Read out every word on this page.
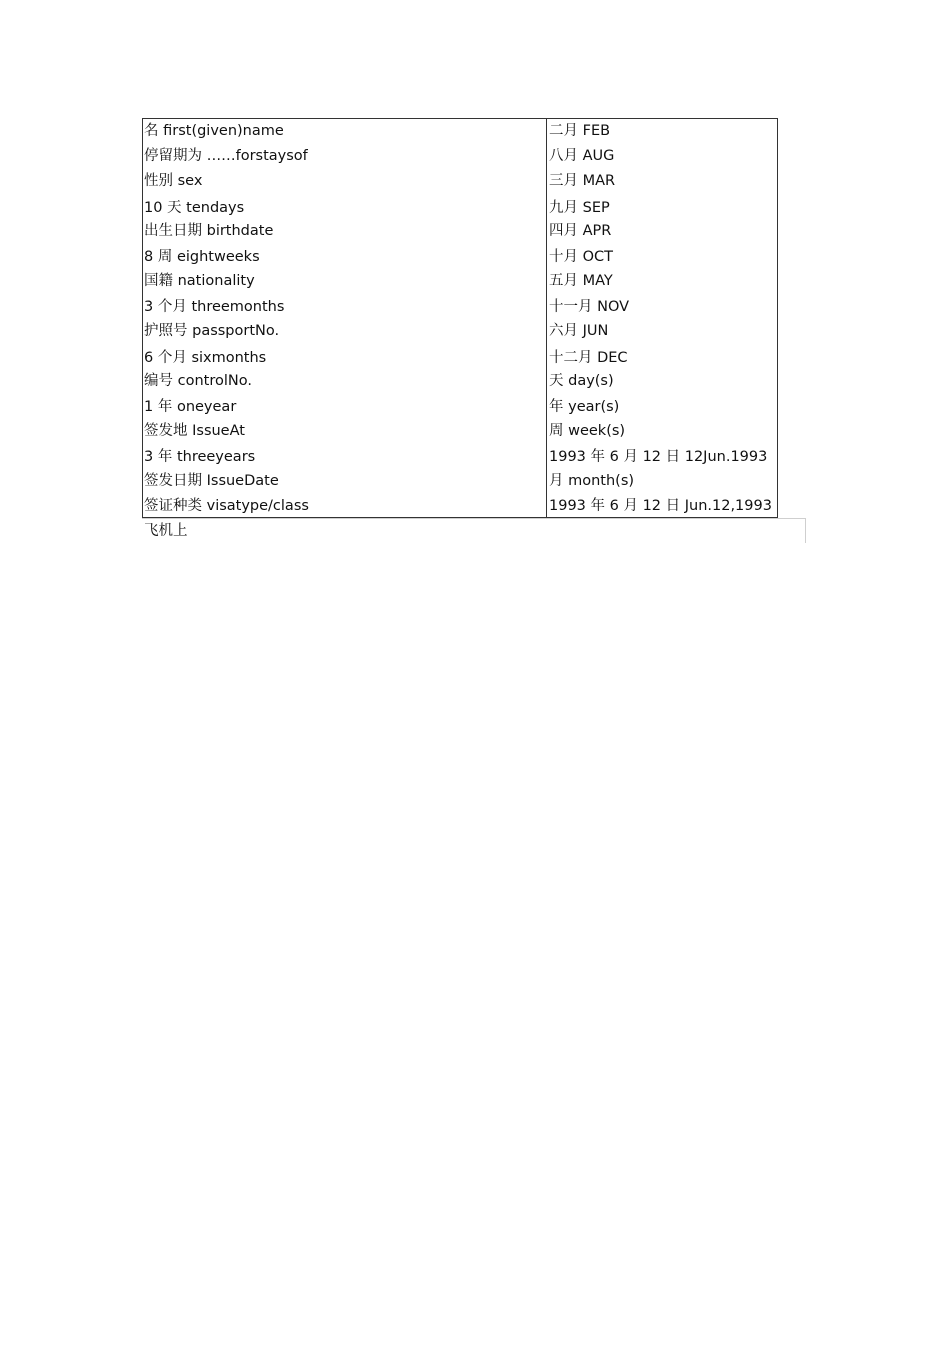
名 first(given)name
停留期为 ……forstaysof
性别 sex
10 天 tendays
出生日期 birthdate
8 周 eightweeks
国籍 nationality
3 个月 threemonths
护照号 passportNo.
6 个月 sixmonths
编号 controlNo.
1 年 oneyear
签发地 IssueAt
3 年 threeyears
签发日期 IssueDate
签证种类 visatype/class
二月 FEB
八月 AUG
三月 MAR
九月 SEP
四月 APR
十月 OCT
五月 MAY
十一月 NOV
六月 JUN
十二月 DEC
天 day(s)
年 year(s)
周 week(s)
1993 年 6 月 12 日 12Jun.1993
月 month(s)
1993 年 6 月 12 日 Jun.12,1993
飞机上
